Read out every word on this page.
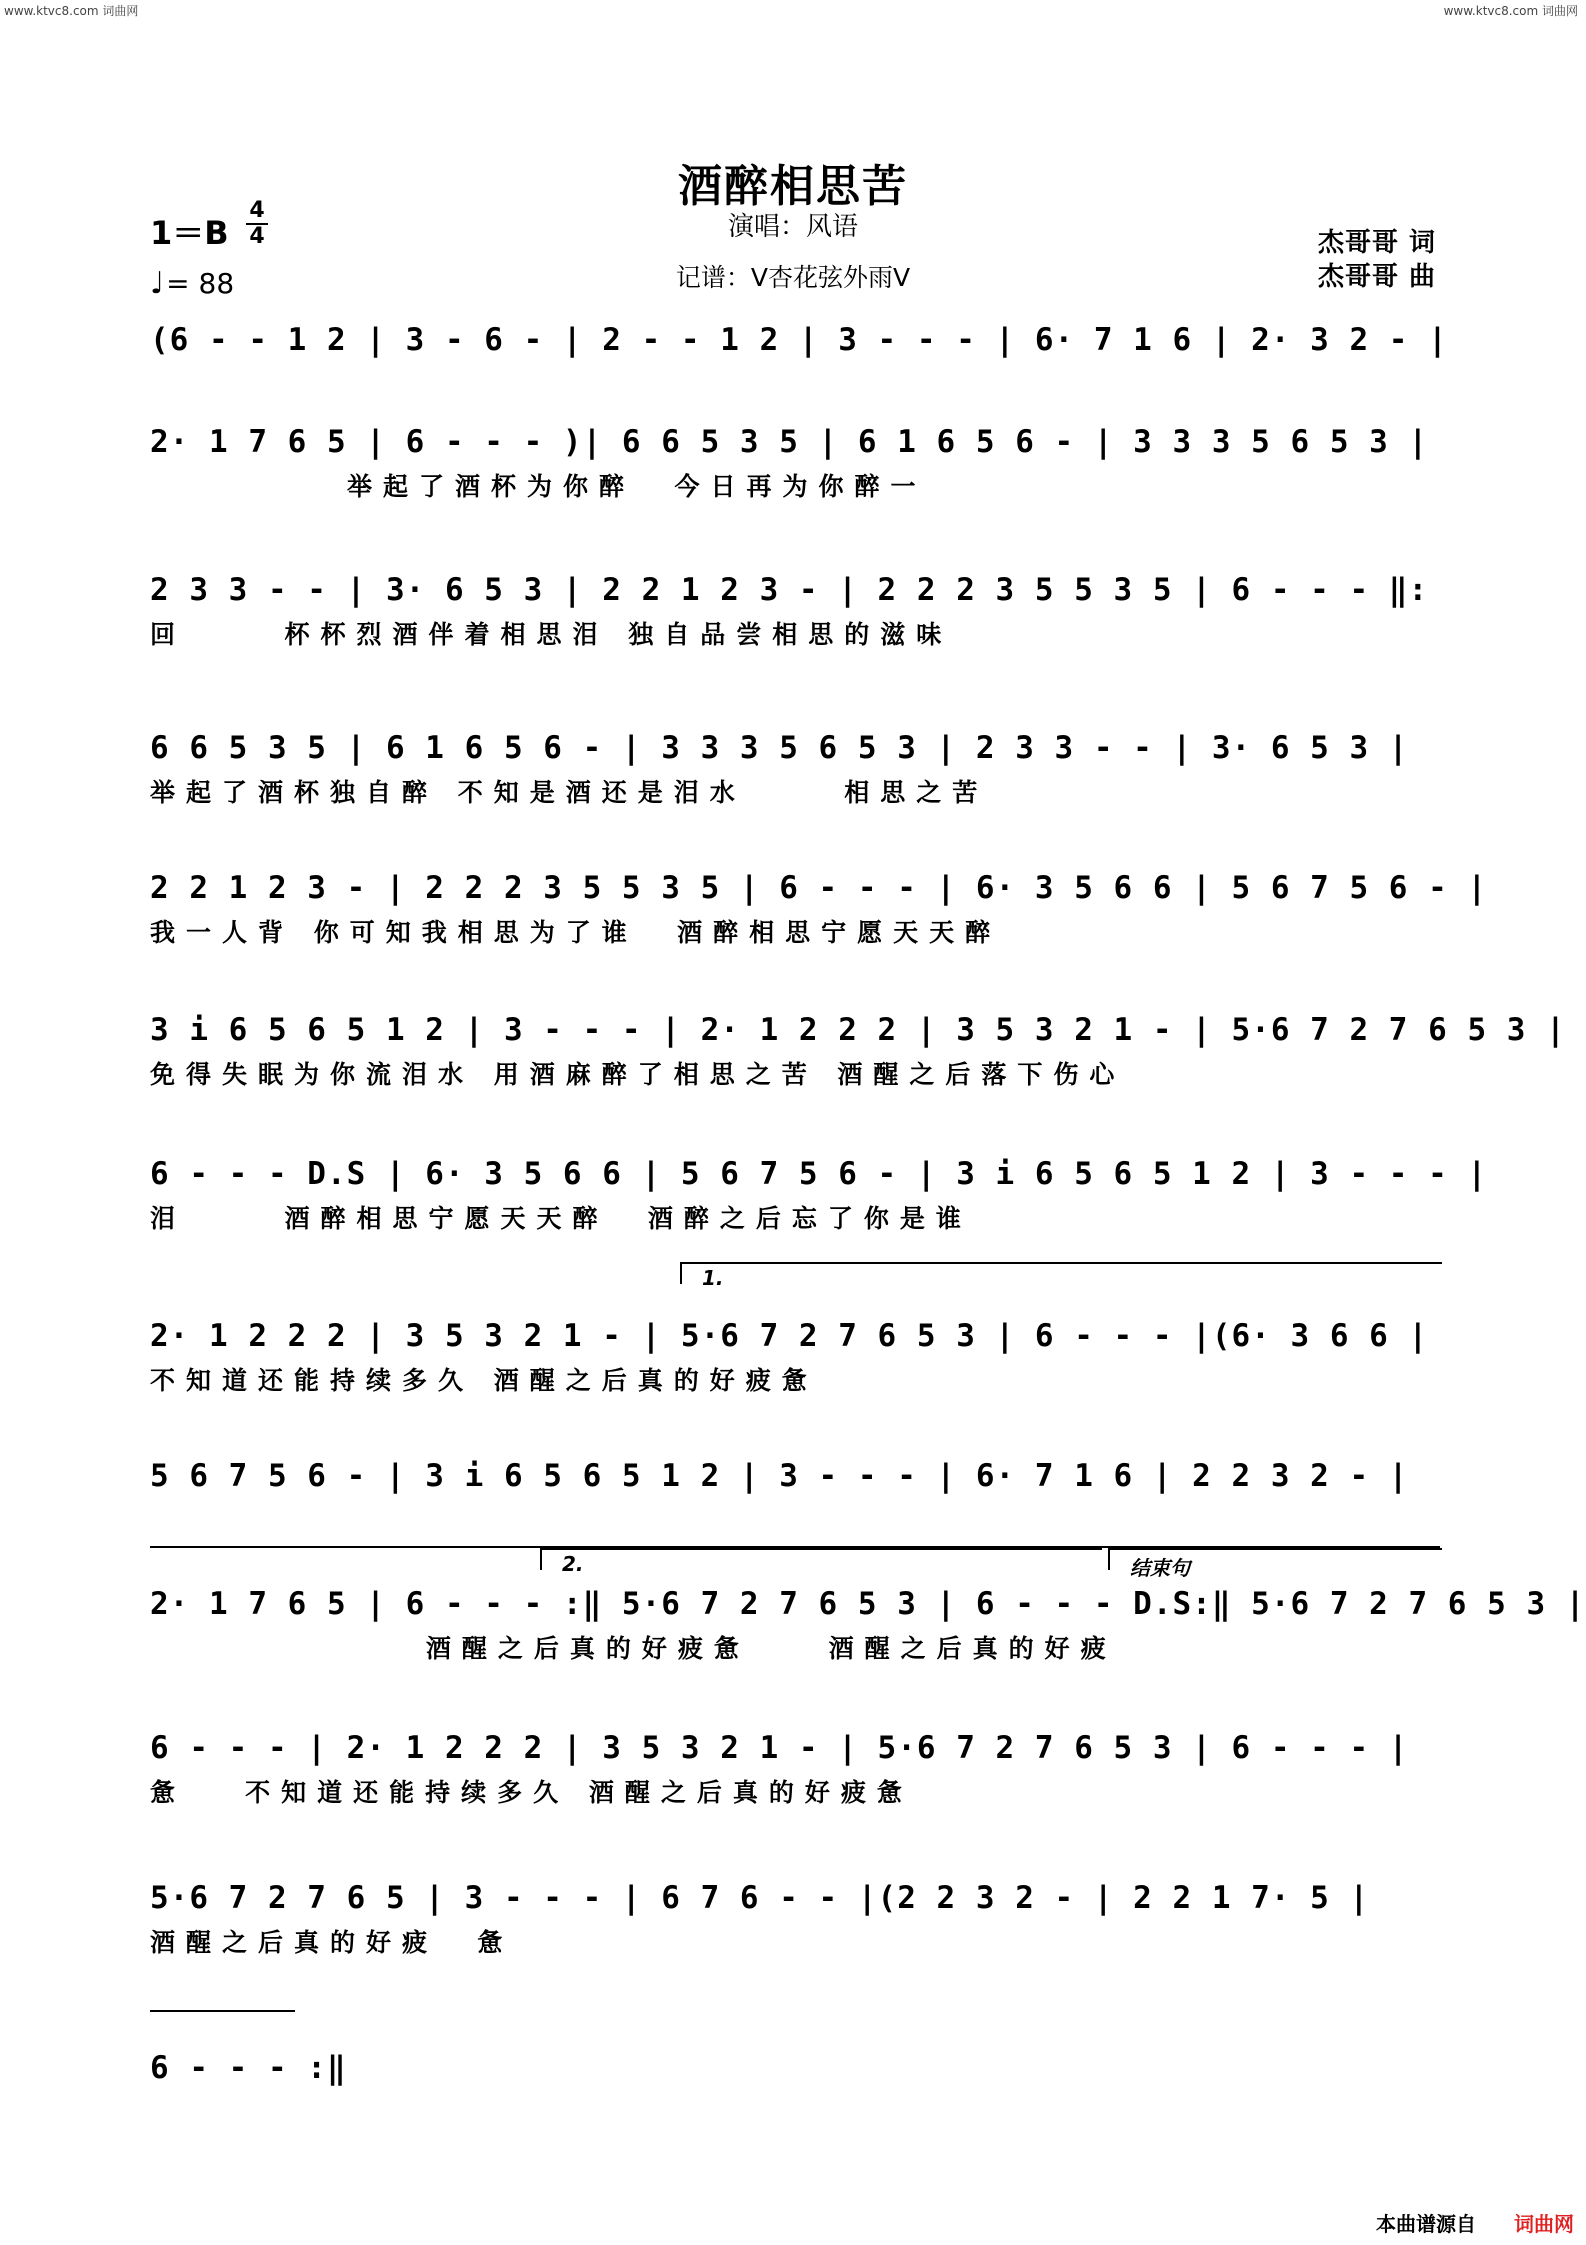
www.ktvc8.com 词曲网	www.ktvc8.com 词曲网
酒醉相思苦
演唱：风语
记谱：V杏花弦外雨V
1＝B
4
4
♩= 88
杰哥哥 词
杰哥哥 曲
(6 - - 1 2 | 3 - 6 - | 2 - - 1 2 | 3 - - - | 6· 7 1 6 | 2· 3 2 - |
2· 1 7 6 5 | 6 - - - )| 6 6 5 3 5 | 6 1 6 5 6 - | 3 3 3 5 6 5 3 |
举起了酒杯为你醉  今日再为你醉一
2 3 3 - - | 3· 6 5 3 | 2 2 1 2 3 - | 2 2 2 3 5 5 3 5 | 6 - - - ‖:
回     杯杯烈酒伴着相思泪 独自品尝相思的滋味
6 6 5 3 5 | 6 1 6 5 6 - | 3 3 3 5 6 5 3 | 2 3 3 - - | 3· 6 5 3 |
举起了酒杯独自醉 不知是酒还是泪水     相思之苦
2 2 1 2 3 - | 2 2 2 3 5 5 3 5 | 6 - - - | 6· 3 5 6 6 | 5 6 7 5 6 - |
我一人背 你可知我相思为了谁  酒醉相思宁愿天天醉
3 i 6 5 6 5 1 2 | 3 - - - | 2· 1 2 2 2 | 3 5 3 2 1 - | 5·6 7 2 7 6 5 3 |
免得失眠为你流泪水 用酒麻醉了相思之苦 酒醒之后落下伤心
6 - - - D.S | 6· 3 5 6 6 | 5 6 7 5 6 - | 3 i 6 5 6 5 1 2 | 3 - - - |
泪     酒醉相思宁愿天天醉  酒醉之后忘了你是谁
1.
2· 1 2 2 2 | 3 5 3 2 1 - | 5·6 7 2 7 6 5 3 | 6 - - - |(6· 3 6 6 |
不知道还能持续多久 酒醒之后真的好疲惫
5 6 7 5 6 - | 3 i 6 5 6 5 1 2 | 3 - - - | 6· 7 1 6 | 2 2 3 2 - |
2.	结束句
2· 1 7 6 5 | 6 - - - :‖ 5·6 7 2 7 6 5 3 | 6 - - - D.S:‖ 5·6 7 2 7 6 5 3 |
酒醒之后真的好疲惫    酒醒之后真的好疲
6 - - - | 2· 1 2 2 2 | 3 5 3 2 1 - | 5·6 7 2 7 6 5 3 | 6 - - - |
惫   不知道还能持续多久 酒醒之后真的好疲惫
5·6 7 2 7 6 5 | 3 - - - | 6 7 6 - - |(2 2 3 2 - | 2 2 1 7· 5 |
酒醒之后真的好疲  惫
6 - - - :‖
本曲谱源自 词曲网
